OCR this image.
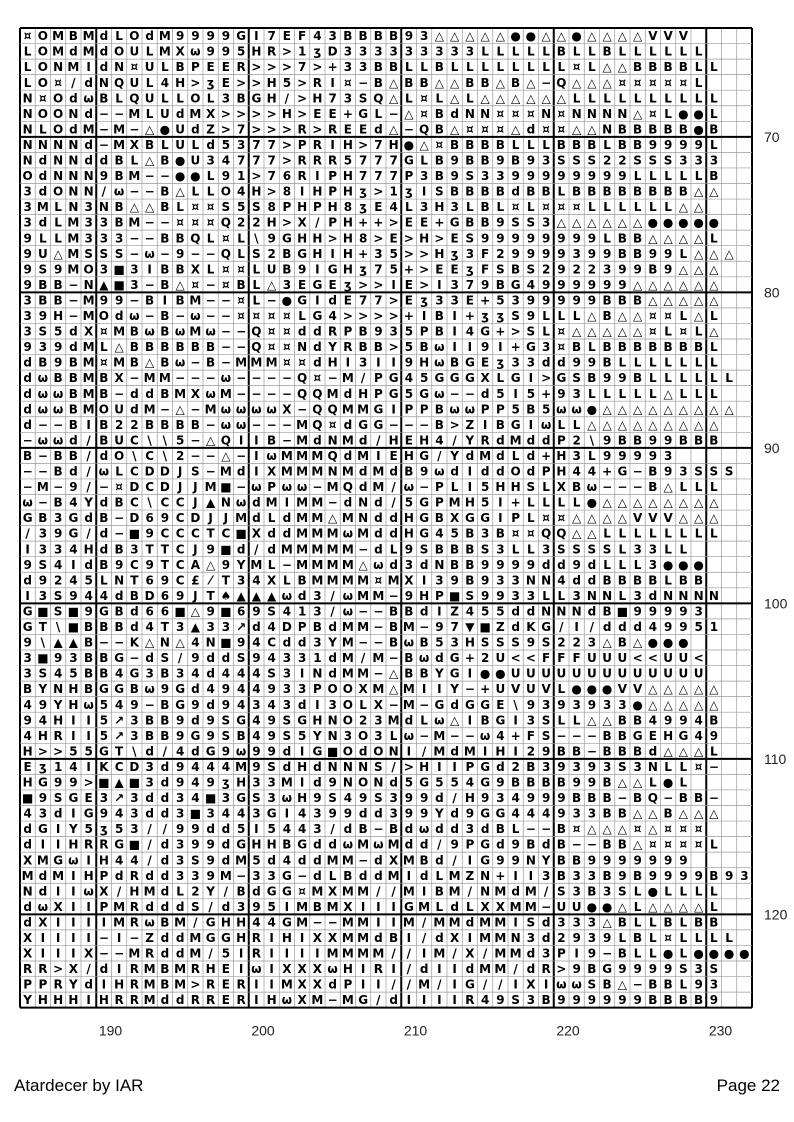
¤ O M B M d L O d M 9 9 9 9 G I 7 E F 4 3 B B B B 9 3 △ △ △ △ △ ● ● △ △ ● △ △ △ △ V V V
L O M d M d O U L M X ω 9 9 5 H R > 1 ʒ D 3 3 3 3 3 3 3 3 3 L L L L L B L L B L L L L L L
L O N M I d N ¤ U L B P E E R > > > 7 > + 3 3 B B L L B L L L L L L L L ¤ L △ △ B B B B L L
L O ¤ / d N Q U L 4 H > ʒ E > > H 5 > R I ¤ − B △ B B △ △ B B △ B △ − Q △ △ △ ¤ ¤ ¤ ¤ ¤ L
N ¤ O d ω B L Q U L L O L 3 B G H / > H 7 3 S Q △ L ¤ L △ L △ △ △ △ △ △ L L L L L L L L L L
N O O N d − − M L U d M X > > > > H > E E + G L − △ ¤ B d N N ¤ ¤ ¤ N ¤ N N N N △ ¤ L ● ● L
N L O d M − M − △ ● U d Z > 7 > > > R > R E E d △ − Q B △ ¤ ¤ ¤ △ d ¤ ¤ △ △ N B B B B B ● B
N N N N d − M X B L U L d 5 3 7 7 > P R I H > 7 H ● △ ¤ B B B B L L L B B B L B B 9 9 9 9 L
N d N N d d B L △ B ● U 3 4 7 7 7 > R R R 5 7 7 7 G L B 9 B B 9 B 9 3 S S S 2 2 S S S 3 3 3
O d N N N 9 B M − − ● ● L 9 1 > 7 6 R I P H 7 7 7 P 3 B 9 S 3 3 9 9 9 9 9 9 9 9 L L L L L B
3 d O N N / ω − − B △ L L O 4 H > 8 I H P H ʒ > 1 ʒ I S B B B B d B B L B B B B B B B B △ △
3 M L N 3 N B △ △ B L ¤ ¤ S 5 S 8 P H P H 8 ʒ E 4 L 3 H 3 L B L ¤ L ¤ ¤ ¤ L L L L L L △ △
3 d L M 3 3 B M − − ¤ ¤ ¤ Q 2 2 H > X / P H + + > E E + G B B 9 S S 3 △ △ △ △ △ △ ● ● ● ● ●
9 L L M 3 3 3 − − B B Q L ¤ L \ 9 G H H > H 8 > E > H > E S 9 9 9 9 9 9 9 9 L B B △ △ △ △ L
9 U △ M S S S − ω − 9 − − Q L S 2 B G H I H + 3 5 > > H ʒ 3 F 2 9 9 9 9 3 9 9 B B 9 9 L △ △ △
9 S 9 M O 3 ■ 3 I B B X L ¤ ¤ L U B 9 I G H ʒ 7 5 + > E E ʒ F S B S 2 9 2 2 3 9 9 B 9 △ △ △
9 B B − N ▲ ■ 3 − B △ ¤ − ¤ B L △ 3 E G E ʒ > > I E > I 3 7 9 B G 4 9 9 9 9 9 9 △ △ △ △ △ △
3 B B − M 9 9 − B I B M − − ¤ L − ● G I d E 7 7 > E ʒ 3 3 E + 5 3 9 9 9 9 9 B B B △ △ △ △ △
3 9 H − M O d ω − B − ω − − ¤ ¤ ¤ ¤ L G 4 > > > > + I B I + ʒ ʒ S 9 L L L △ B △ △ ¤ ¤ L △ L
3 S 5 d X ¤ M B ω B ω M ω − − Q ¤ ¤ d d R P B 9 3 5 P B I 4 G + > S L ¤ △ △ △ △ △ ¤ L ¤ L △
9 3 9 d M L △ B B B B B B − − Q ¤ ¤ N d Y R B B > 5 B ω I I 9 I + G 3 ¤ B L B B B B B B B L
d B 9 B M ¤ M B △ B ω − B − M M M ¤ ¤ d H I 3 I I 9 H ω B G E ʒ 3 3 d d 9 9 B L L L L L L L
d ω B B M B X − M M − − − ω − − − − Q ¤ − M / P G 4 5 G G G X L G I > G S B 9 9 B L L L L L L
d ω ω B M B − d d B M X ω M − − − − Q Q M d H P G 5 G ω − − d 5 I 5 + 9 3 L L L L L △ L L L
d ω ω B M O U d M − △ − M ω ω ω ω X − Q Q M M G I P P B ω ω P P 5 B 5 ω ω ● △ △ △ △ △ △ △ △ △
d − − B I B 2 2 B B B B − ω ω − − − M Q ¤ d G G − − − B > Z I B G I ω L L △ △ △ △ △ △ △ △ △
− ω ω d / B U C \ \ 5 − △ Q I I B − M d N M d / H E H 4 / Y R d M d d P 2 \ 9 B B 9 9 B B B
B − B B / d O \ C \ 2 − − △ − I ω M M M Q d M I E H G / Y d M d L d + H 3 L 9 9 9 9 3
− − B d / ω L C D D J S − M d I X M M M N M d M d B 9 ω d I d d O d P H 4 4 + G − B 9 3 S S S
− M − 9 / − ¤ D C D J J M ■ − ω P ω ω − M Q d M / ω − P L I 5 H H S L X B ω − − − B △ L L L
ω − B 4 Y d B C \ C C J ▲ N ω d M I M M − d N d / 5 G P M H 5 I + L L L L ● △ △ △ △ △ △ △ △
G B 3 G d B − D 6 9 C D J J M d L d M M △ M N d d H G B X G G I P L ¤ ¤ △ △ △ △ V V V △ △ △
/ 3 9 G / d − ■ 9 C C C T C ■ X d d M M M ω M d d H G 4 5 B 3 B ¤ ¤ Q Q △ △ L L L L L L L L
I 3 3 4 H d B 3 T T C J 9 ■ d / d M M M M M − d L 9 S B B B S 3 L L 3 S S S S L 3 3 L L
9 S 4 I d B 9 C 9 T C A △ 9 Y M L − M M M M △ ω d 3 d N B B 9 9 9 9 d d 9 d L L L 3 ● ● ●
d 9 2 4 5 L N T 6 9 C £ ⁄ T 3 4 X L B M M M M ¤ M X I 3 9 B 9 3 3 N N 4 d d B B B B L B B
I 3 S 9 4 4 d B D 6 9 J T ♠ ▲ ▲ ▲ ω d 3 / ω M M − 9 H P ■ S 9 9 3 3 L L 3 N N L 3 d N N N N
G ■ S ■ 9 G B d 6 6 ■ △ 9 ■ 6 9 S 4 1 3 / ω − − B B d I Z 4 5 5 d d N N N d B ■ 9 9 9 9 3
G T \ ■ B B B d 4 T 3 ▲ 3 3 ↗ d 4 D P B d M M − B M − 9 7 ▼ ■ Z d K G / I / d d d 4 9 9 5 1
9 \ ▲ ▲ B − − K △ N △ 4 N ■ 9 4 C d d 3 Y M − − B ω B 5 3 H S S S 9 S 2 2 3 △ B △ ● ● ●
3 ■ 9 3 B B G − d S / 9 d d S 9 4 3 3 1 d M / M − B ω d G + 2 U < < F F F U U U < < U U <
3 S 4 5 B B 4 G 3 B 3 4 d 4 4 4 S 3 I N d M M − △ B B Y G I ● ● U U U U U U U U U U U U U
B Y N H B G G B ω 9 G d 4 9 4 4 9 3 3 P O O X M △ M I I Y − + U V U V L ● ● ● V V △ △ △ △ △
4 9 Y H ω 5 4 9 − B G 9 d 9 4 3 4 3 d I 3 O L X − M − G d G G E \ 9 3 9 3 9 3 3 ● △ △ △ △ △
9 4 H I I 5 ↗ 3 B B 9 d 9 S G 4 9 S G H N O 2 3 M d L ω △ I B G I 3 S L L △ △ B B 4 9 9 4 B
4 H R I I 5 ↗ 3 B B 9 G 9 S B 4 9 S 5 Y N 3 O 3 L ω − M − − ω 4 + F S − − − B B G E H G 4 9
H > > 5 5 G T \ d / 4 d G 9 ω 9 9 d I G ■ O d O N I / M d M I H I 2 9 B B − B B B d △ △ △ L
E ʒ 1 4 I K C D 3 d 9 4 4 4 M 9 S d H d N N N S / > H I I P G d 2 B 3 9 3 9 3 S 3 N L L ¤ −
H G 9 9 > ■ ▲ ■ 3 d 9 4 9 ʒ H 3 3 M I d 9 N O N d 5 G 5 5 4 G 9 B B B B 9 9 B △ △ L ● L
■ 9 S G E 3 ↗ 3 d d 3 4 ■ 3 G S 3 ω H 9 S 4 9 S 3 9 9 d / H 9 3 4 9 9 9 B B B − B Q − B B −
4 3 d I G 9 4 3 d d 3 ■ 3 4 4 3 G I 4 3 9 9 d d 3 9 9 Y d 9 G G 4 4 4 9 3 3 B B △ △ B △ △ △
d G I Y 5 ʒ 5 3 / / 9 9 d d 5 I 5 4 4 3 / d B − B d ω d d 3 d B L − − B ¤ △ △ △ ¤ △ ¤ ¤ ¤
d I I H R R G ■ / d 3 9 9 d G H H B G d d ω M ω M d d / 9 P G d 9 B d B − − B B △ ¤ ¤ ¤ ¤ L
X M G ω I H 4 4 / d 3 S 9 d M 5 d 4 d d M M − d X M B d / I G 9 9 N Y B B 9 9 9 9 9 9 9
M d M I H P d R d d 3 3 9 M − 3 3 G − d L B d d M I d L M Z N + I I 3 B 3 3 B 9 B 9 9 9 9 B 9 3
N d I I ω X / H M d L 2 Y / B d G G ¤ M X M M / / M I B M / N M d M / S 3 B 3 S L ● L L L L
d ω X I I P M R d d d S / d 3 9 5 I M B M X I I I G M L d L X X M M − U U ● ● △ L △ △ △ △ L
d X I I I I M R ω B M / G H H 4 4 G M − − M M I I M / M M d M M I S d 3 3 3 △ B L L B L B B
X I I I I − I − Z d d M G G H R I H I X X M M d B I / d X I M M N 3 d 2 9 3 9 L B L ¤ L L L L
X I I I X − − M R d d M / 5 I R I I I I M M M M / / I M / X / M M d 3 P I 9 − B L L ● L ● ● ● ●
R R > X / d I R M B M R H E I ω I X X X ω H I R I / d I I d M M / d R > 9 B G 9 9 9 9 S 3 S
P P R Y d I H R M B M > R E R I I M X X d P I I / / M / I G / / I X I ω ω S B △ − B B L 9 3
Y H H H I H R R M d d R R E R I H ω X M − M G / d I I I I R 4 9 S 3 B 9 9 9 9 9 9 B B B B 9
70
80
90
100
110
120
190	200	210	220	230
Atardecer by IAR	Page 22
